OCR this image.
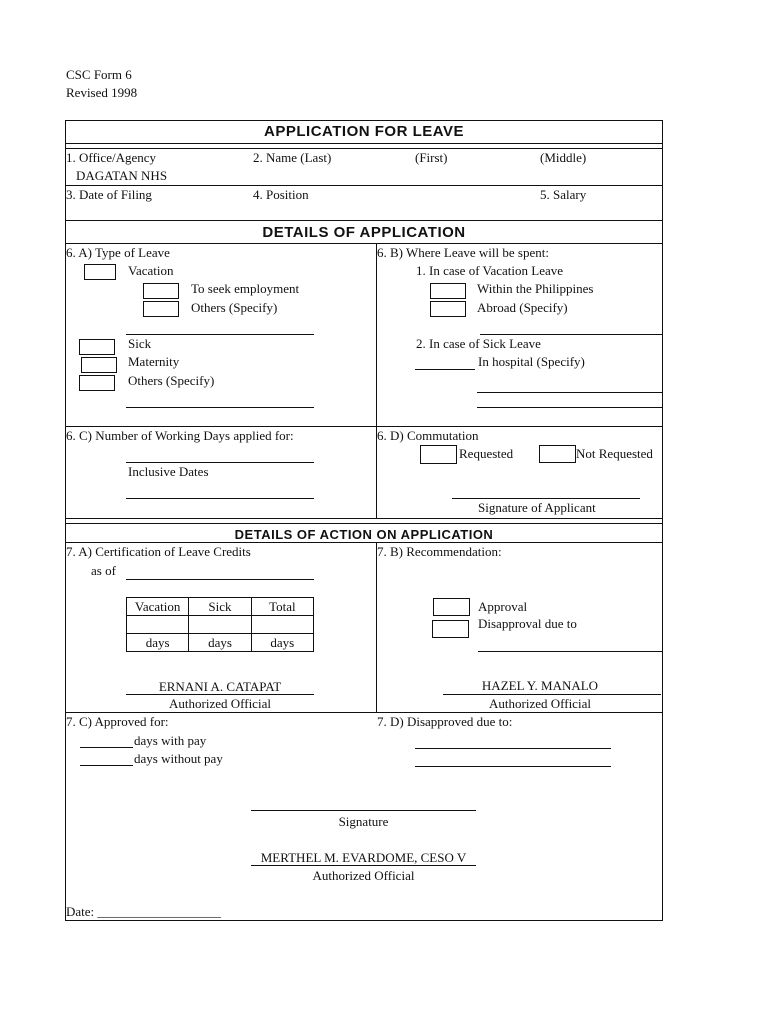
CSC Form 6
Revised 1998
APPLICATION FOR LEAVE
1. Office/Agency
DAGATAN NHS
2. Name (Last)	(First)	(Middle)
3. Date of Filing	4. Position	5. Salary
DETAILS OF APPLICATION
6. A) Type of Leave
Vacation
To seek employment
Others (Specify)
Sick
Maternity
Others (Specify)
6. B) Where Leave will be spent:
1. In case of Vacation Leave
Within the Philippines
Abroad (Specify)
2. In case of Sick Leave
In hospital (Specify)
6. C) Number of Working Days applied for:
Inclusive Dates
6. D) Commutation
Requested	Not Requested
Signature of Applicant
DETAILS OF ACTION ON APPLICATION
7. A) Certification of Leave Credits
as of
Vacation	Sick	Total

days	days	days
ERNANI A. CATAPAT
Authorized Official
7. B) Recommendation:
Approval
Disapproval due to
HAZEL Y. MANALO
Authorized Official
7. C) Approved for:
days with pay
days without pay
7. D) Disapproved due to:
Signature
MERTHEL M. EVARDOME, CESO V
Authorized Official
Date: ___________________
